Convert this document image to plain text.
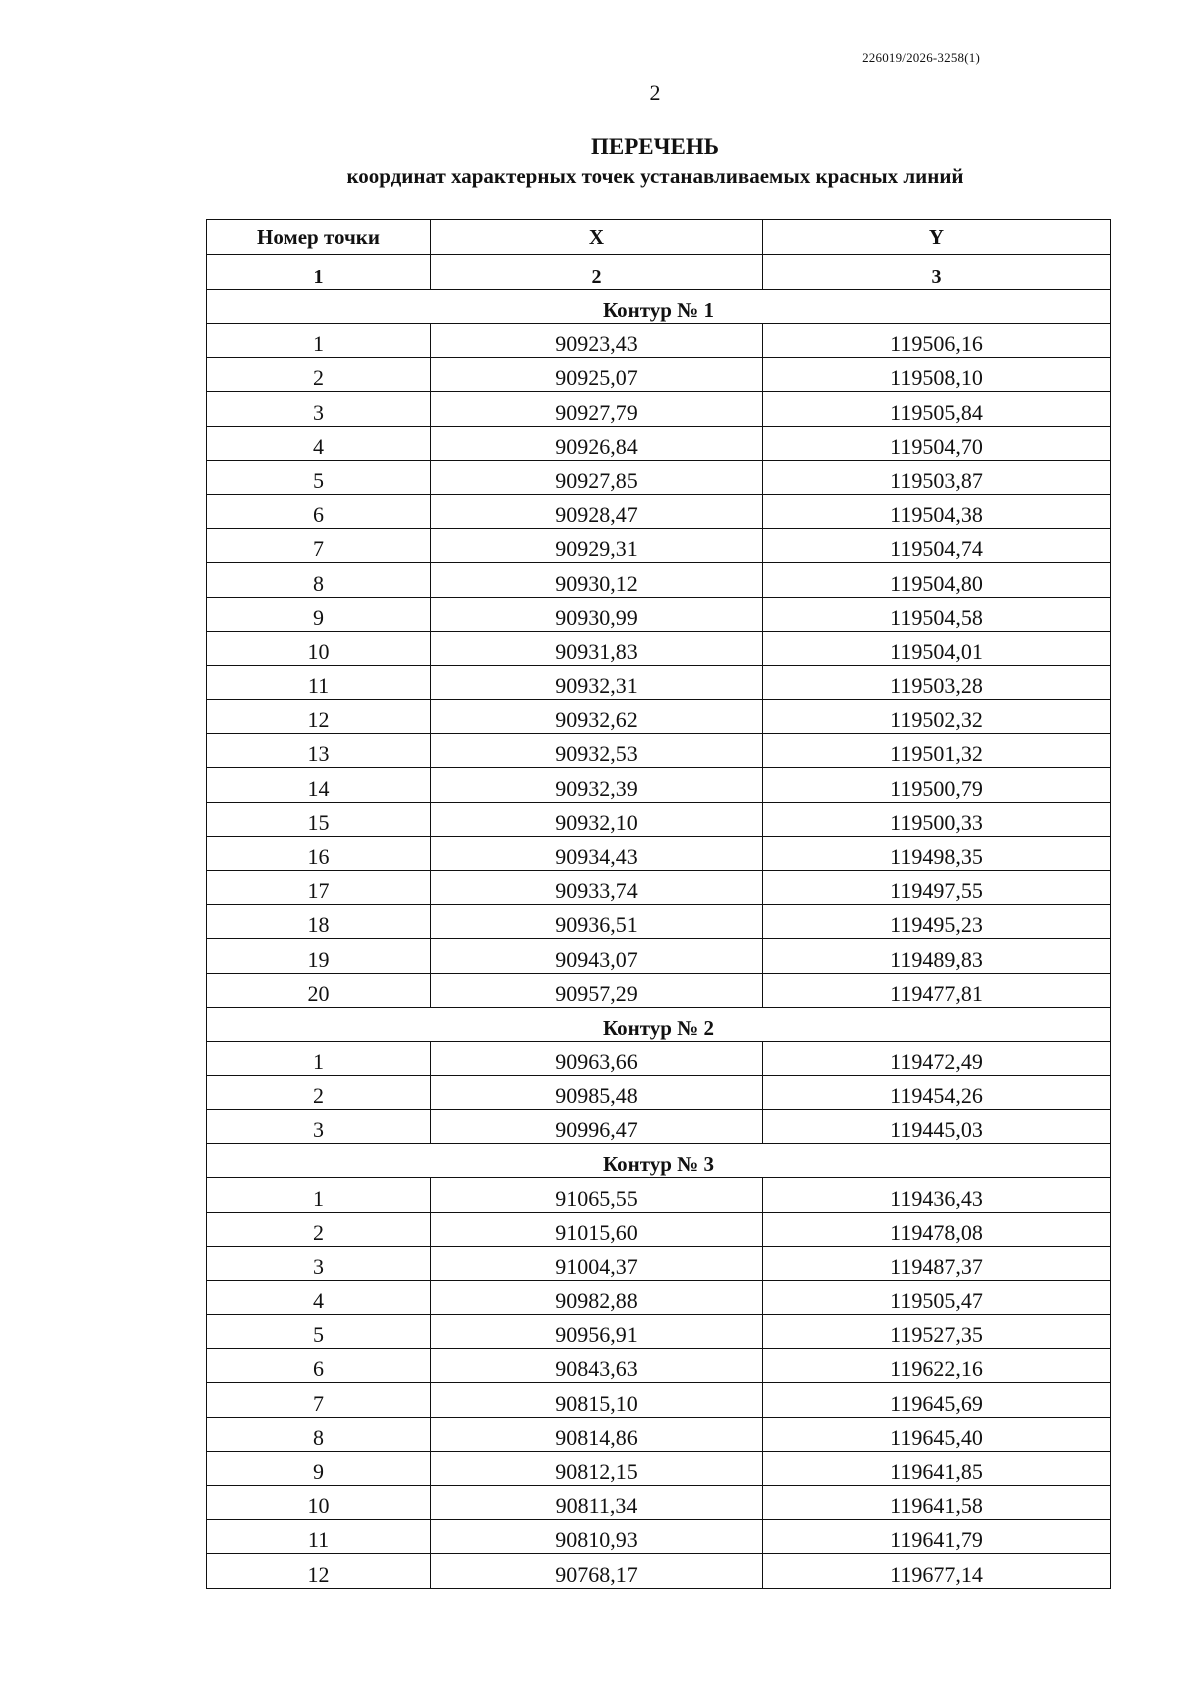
226019/2026-3258(1)
2
ПЕРЕЧЕНЬ
координат характерных точек устанавливаемых красных линий
Номер точки	X	Y
1	2	3
Контур № 1		
1	90923,43	119506,16
2	90925,07	119508,10
3	90927,79	119505,84
4	90926,84	119504,70
5	90927,85	119503,87
6	90928,47	119504,38
7	90929,31	119504,74
8	90930,12	119504,80
9	90930,99	119504,58
10	90931,83	119504,01
11	90932,31	119503,28
12	90932,62	119502,32
13	90932,53	119501,32
14	90932,39	119500,79
15	90932,10	119500,33
16	90934,43	119498,35
17	90933,74	119497,55
18	90936,51	119495,23
19	90943,07	119489,83
20	90957,29	119477,81
Контур № 2		
1	90963,66	119472,49
2	90985,48	119454,26
3	90996,47	119445,03
Контур № 3		
1	91065,55	119436,43
2	91015,60	119478,08
3	91004,37	119487,37
4	90982,88	119505,47
5	90956,91	119527,35
6	90843,63	119622,16
7	90815,10	119645,69
8	90814,86	119645,40
9	90812,15	119641,85
10	90811,34	119641,58
11	90810,93	119641,79
12	90768,17	119677,14
